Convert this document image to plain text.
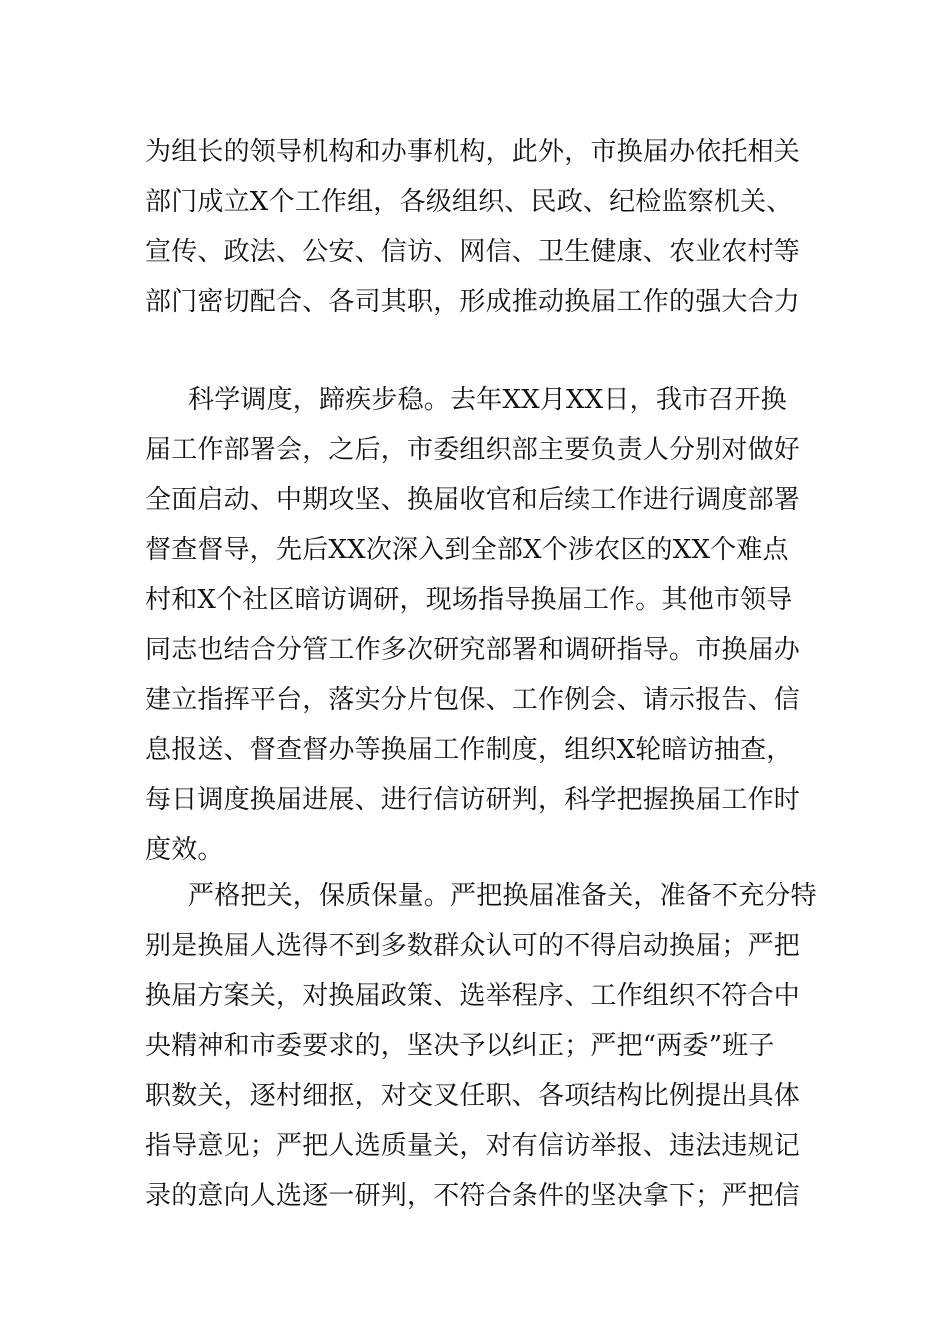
为组长的领导机构和办事机构，此外，市换届办依托相关
部门成立X个工作组，各级组织、民政、纪检监察机关、
宣传、政法、公安、信访、网信、卫生健康、农业农村等
部门密切配合、各司其职，形成推动换届工作的强大合力
科学调度，蹄疾步稳。去年XX月XX日，我市召开换
届工作部署会，之后，市委组织部主要负责人分别对做好
全面启动、中期攻坚、换届收官和后续工作进行调度部署
督查督导，先后XX次深入到全部X个涉农区的XX个难点
村和X个社区暗访调研，现场指导换届工作。其他市领导
同志也结合分管工作多次研究部署和调研指导。市换届办
建立指挥平台，落实分片包保、工作例会、请示报告、信
息报送、督查督办等换届工作制度，组织X轮暗访抽查，
每日调度换届进展、进行信访研判，科学把握换届工作时
度效。
严格把关，保质保量。严把换届准备关，准备不充分特
别是换届人选得不到多数群众认可的不得启动换届；严把
换届方案关，对换届政策、选举程序、工作组织不符合中
央精神和市委要求的，坚决予以纠正；严把“两委”班子
职数关，逐村细抠，对交叉任职、各项结构比例提出具体
指导意见；严把人选质量关，对有信访举报、违法违规记
录的意向人选逐一研判，不符合条件的坚决拿下；严把信
